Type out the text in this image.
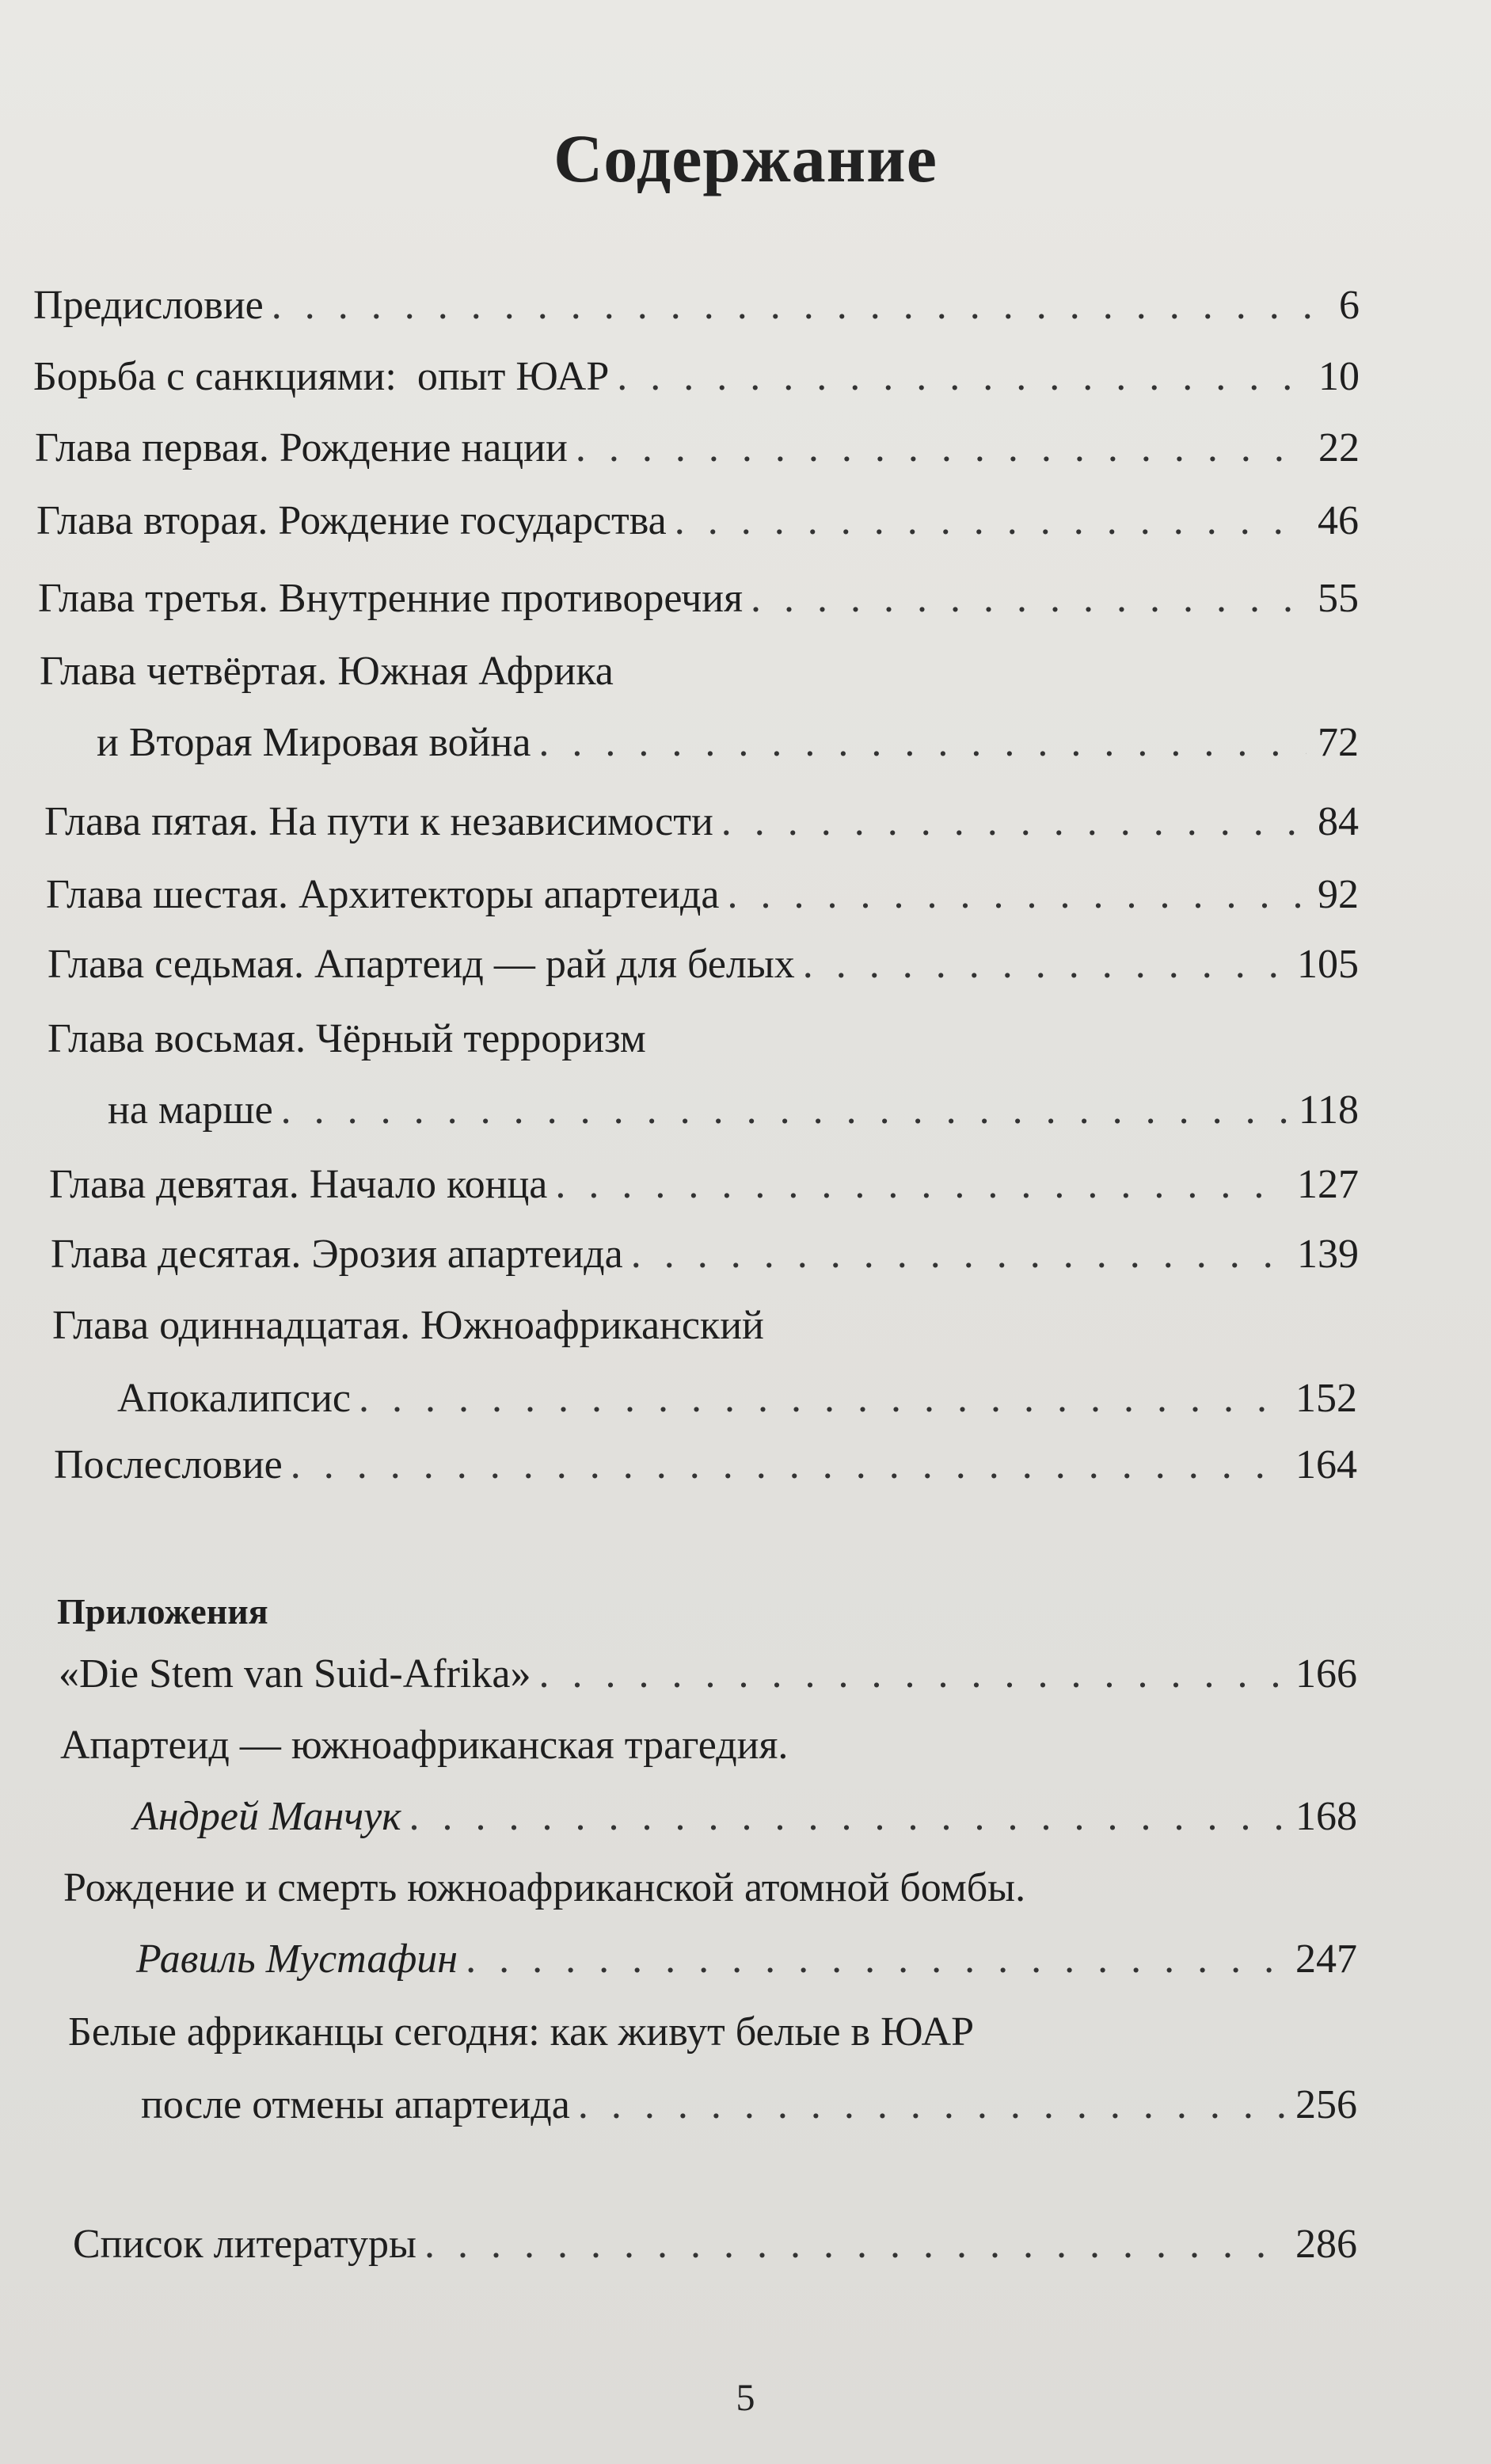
Содержание
Предисловие . . .	6
Борьба с санкциями:  опыт ЮАР . . .	10
Глава первая. Рождение нации . . .	22
Глава вторая. Рождение государства . . .	46
Глава третья. Внутренние противоречия . . .	55
Глава четвёртая. Южная Африка
и Вторая Мировая война . . .	72
Глава пятая. На пути к независимости . . .	84
Глава шестая. Архитекторы апартеида . . .	92
Глава седьмая. Апартеид — рай для белых . . .	105
Глава восьмая. Чёрный терроризм
на марше . . .	118
Глава девятая. Начало конца . . .	127
Глава десятая. Эрозия апартеида . . .	139
Глава одиннадцатая. Южноафриканский
Апокалипсис . . .	152
Послесловие . . .	164
Приложения
«Die Stem van Suid-Afrika» . . .	166
Апартеид — южноафриканская трагедия.
Андрей Манчук . . .	168
Рождение и смерть южноафриканской атомной бомбы.
Равиль Мустафин . . .	247
Белые африканцы сегодня: как живут белые в ЮАР
после отмены апартеида . . .	256
Список литературы . . .	286
5
